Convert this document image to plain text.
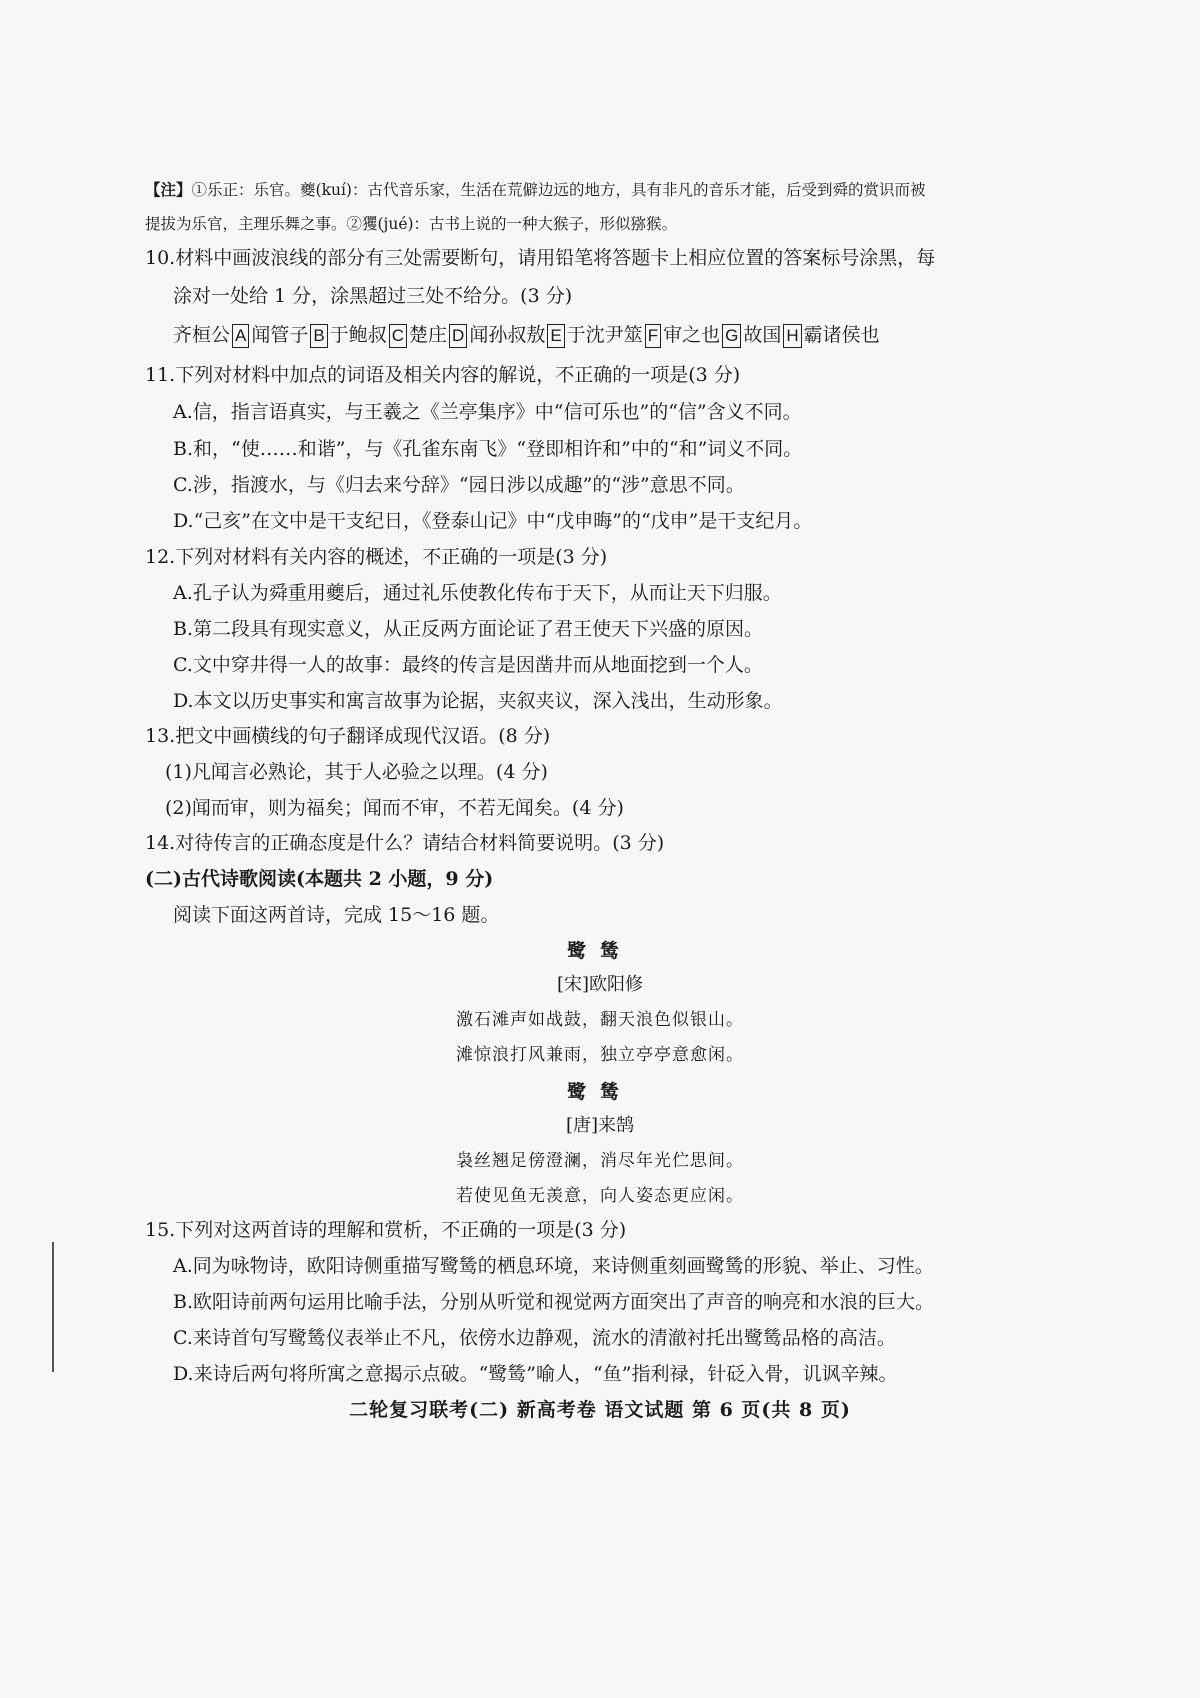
【注】①乐正：乐官。夔(kuí)：古代音乐家，生活在荒僻边远的地方，具有非凡的音乐才能，后受到舜的赏识而被
提拔为乐官，主理乐舞之事。②玃(jué)：古书上说的一种大猴子，形似猕猴。
10.材料中画波浪线的部分有三处需要断句，请用铅笔将答题卡上相应位置的答案标号涂黑，每
涂对一处给 1 分，涂黑超过三处不给分。(3 分)
齐桓公 A 闻管子 B 于鲍叔 C 楚庄 D 闻孙叔敖 E 于沈尹筮 F 审之也 G 故国 H 霸诸侯也
11.下列对材料中加点的词语及相关内容的解说，不正确的一项是(3 分)
A.信，指言语真实，与王羲之《兰亭集序》中“信可乐也”的“信”含义不同。
B.和，“使……和谐”，与《孔雀东南飞》“登即相许和”中的“和”词义不同。
C.涉，指渡水，与《归去来兮辞》“园日涉以成趣”的“涉”意思不同。
D.“己亥”在文中是干支纪日，《登泰山记》中“戊申晦”的“戊申”是干支纪月。
12.下列对材料有关内容的概述，不正确的一项是(3 分)
A.孔子认为舜重用夔后，通过礼乐使教化传布于天下，从而让天下归服。
B.第二段具有现实意义，从正反两方面论证了君王使天下兴盛的原因。
C.文中穿井得一人的故事：最终的传言是因凿井而从地面挖到一个人。
D.本文以历史事实和寓言故事为论据，夹叙夹议，深入浅出，生动形象。
13.把文中画横线的句子翻译成现代汉语。(8 分)
(1)凡闻言必熟论，其于人必验之以理。(4 分)
(2)闻而审，则为福矣；闻而不审，不若无闻矣。(4 分)
14.对待传言的正确态度是什么？请结合材料简要说明。(3 分)
(二)古代诗歌阅读(本题共 2 小题，9 分)
阅读下面这两首诗，完成 15～16 题。
鹭鸶
[宋]欧阳修
激石滩声如战鼓，翻天浪色似银山。
滩惊浪打风兼雨，独立亭亭意愈闲。
鹭鸶
[唐]来鹄
袅丝翘足傍澄澜，消尽年光伫思间。
若使见鱼无羡意，向人姿态更应闲。
15.下列对这两首诗的理解和赏析，不正确的一项是(3 分)
A.同为咏物诗，欧阳诗侧重描写鹭鸶的栖息环境，来诗侧重刻画鹭鸶的形貌、举止、习性。
B.欧阳诗前两句运用比喻手法，分别从听觉和视觉两方面突出了声音的响亮和水浪的巨大。
C.来诗首句写鹭鸶仪表举止不凡，依傍水边静观，流水的清澈衬托出鹭鸶品格的高洁。
D.来诗后两句将所寓之意揭示点破。“鹭鸶”喻人，“鱼”指利禄，针砭入骨，讥讽辛辣。
二轮复习联考(二) 新高考卷 语文试题 第 6 页(共 8 页)
